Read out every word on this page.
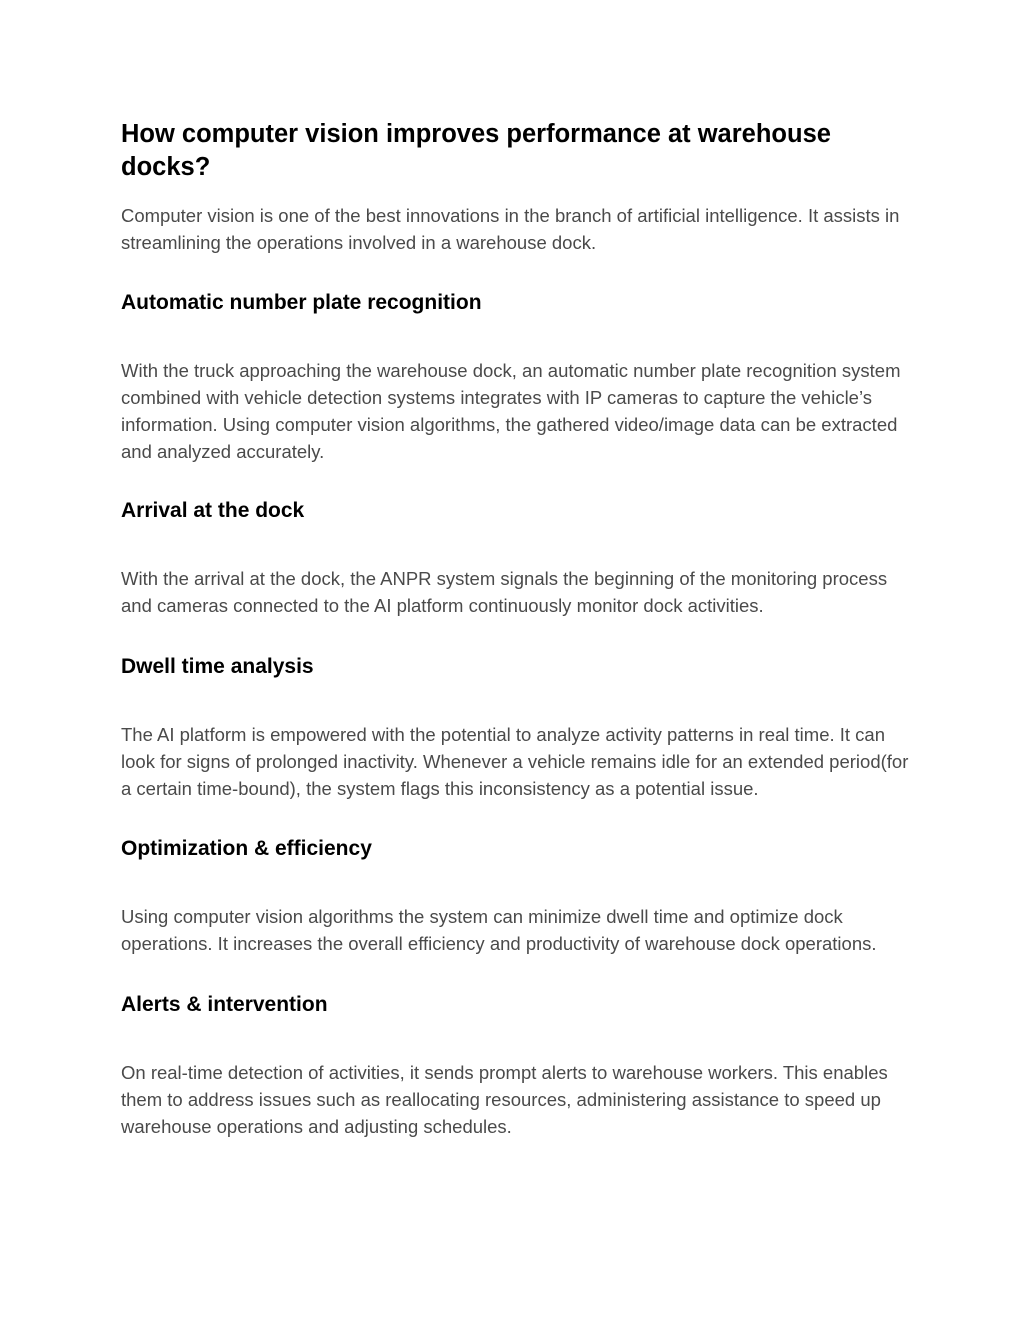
How computer vision improves performance at warehouse docks?

Computer vision is one of the best innovations in the branch of artificial intelligence. It assists in streamlining the operations involved in a warehouse dock.

Automatic number plate recognition

With the truck approaching the warehouse dock, an automatic number plate recognition system combined with vehicle detection systems integrates with IP cameras to capture the vehicle’s information. Using computer vision algorithms, the gathered video/image data can be extracted and analyzed accurately.

Arrival at the dock

With the arrival at the dock, the ANPR system signals the beginning of the monitoring process and cameras connected to the AI platform continuously monitor dock activities.

Dwell time analysis

The AI platform is empowered with the potential to analyze activity patterns in real time. It can look for signs of prolonged inactivity. Whenever a vehicle remains idle for an extended period(for a certain time-bound), the system flags this inconsistency as a potential issue.

Optimization & efficiency

Using computer vision algorithms the system can minimize dwell time and optimize dock operations. It increases the overall efficiency and productivity of warehouse dock operations.

Alerts & intervention

On real-time detection of activities, it sends prompt alerts to warehouse workers. This enables them to address issues such as reallocating resources, administering assistance to speed up warehouse operations and adjusting schedules.
